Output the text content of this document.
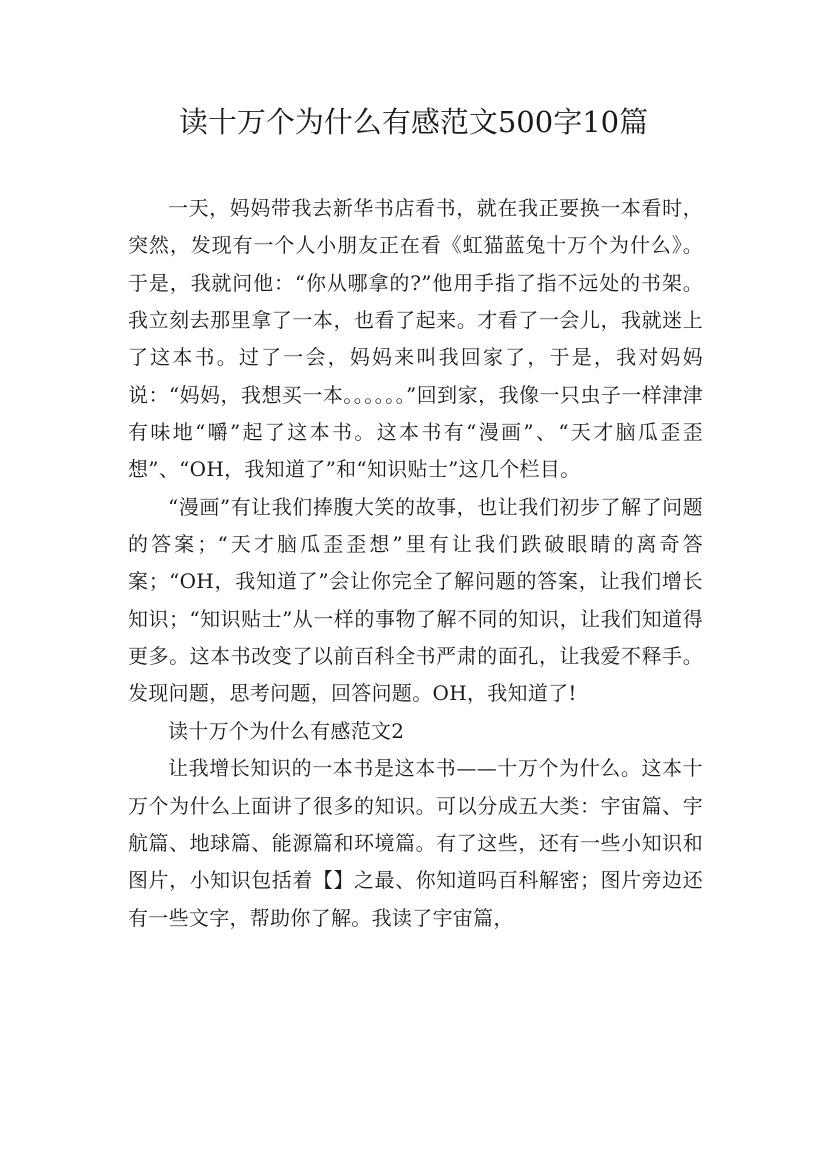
读十万个为什么有感范文500字10篇

一天，妈妈带我去新华书店看书，就在我正要换一本看时，突然，发现有一个人小朋友正在看《虹猫蓝兔十万个为什么》。于是，我就问他：“你从哪拿的?”他用手指了指不远处的书架。我立刻去那里拿了一本，也看了起来。才看了一会儿，我就迷上了这本书。过了一会，妈妈来叫我回家了，于是，我对妈妈说：“妈妈，我想买一本。。。。。。”回到家，我像一只虫子一样津津有味地“嚼”起了这本书。这本书有“漫画”、“天才脑瓜歪歪想”、“OH，我知道了”和“知识贴士”这几个栏目。

“漫画”有让我们捧腹大笑的故事，也让我们初步了解了问题的答案；“天才脑瓜歪歪想”里有让我们跌破眼睛的离奇答案；“OH，我知道了”会让你完全了解问题的答案，让我们增长知识；“知识贴士”从一样的事物了解不同的知识，让我们知道得更多。这本书改变了以前百科全书严肃的面孔，让我爱不释手。发现问题，思考问题，回答问题。OH，我知道了!

读十万个为什么有感范文2

让我增长知识的一本书是这本书——十万个为什么。这本十万个为什么上面讲了很多的知识。可以分成五大类：宇宙篇、宇航篇、地球篇、能源篇和环境篇。有了这些，还有一些小知识和图片，小知识包括着【】之最、你知道吗百科解密；图片旁边还有一些文字，帮助你了解。我读了宇宙篇，
